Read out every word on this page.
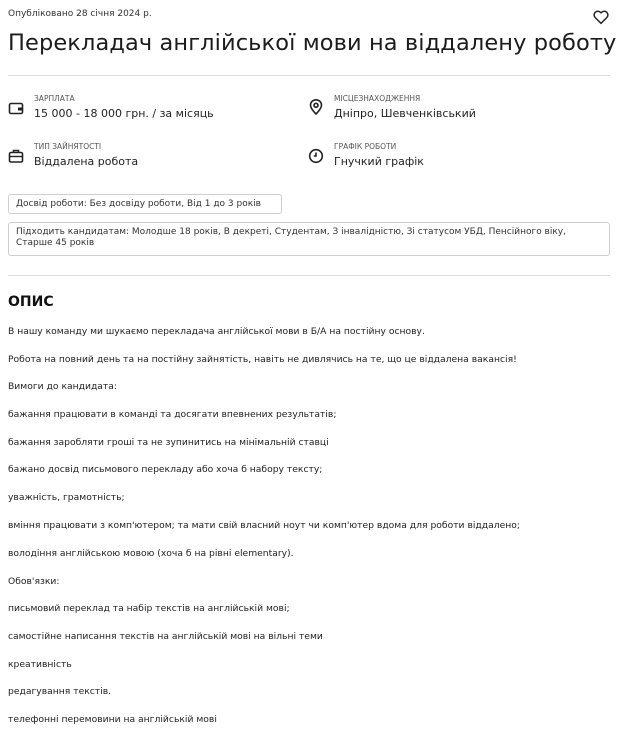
Опубліковано 28 січня 2024 р.
Перекладач англійської мови на віддалену роботу
ЗАРПЛАТА
15 000 - 18 000 грн. / за місяць
МІСЦЕЗНАХОДЖЕННЯ
Дніпро, Шевченківський
ТИП ЗАЙНЯТОСТІ
Віддалена робота
ГРАФІК РОБОТИ
Гнучкий графік
Досвід роботи: Без досвіду роботи, Від 1 до 3 років
Підходить кандидатам: Молодше 18 років, В декреті, Студентам, З інвалідністю, Зі статусом УБД, Пенсійного віку,
Старше 45 років
ОПИС
В нашу команду ми шукаємо перекладача англійської мови в Б/А на постійну основу.
Робота на повний день та на постійну зайнятість, навіть не дивлячись на те, що це віддалена вакансія!
Вимоги до кандидата:
бажання працювати в команді та досягати впевнених результатів;
бажання заробляти гроші та не зупинитись на мінімальній ставці
бажано досвід письмового перекладу або хоча б набору тексту;
уважність, грамотність;
вміння працювати з комп'ютером; та мати свій власний ноут чи комп'ютер вдома для роботи віддалено;
володіння англійською мовою (хоча б на рівні elementary).
Обов'язки:
письмовий переклад та набір текстів на англійській мові;
самостійне написання текстів на англійській мові на вільні теми
креативність
редагування текстів.
телефонні перемовини на англійській мові
